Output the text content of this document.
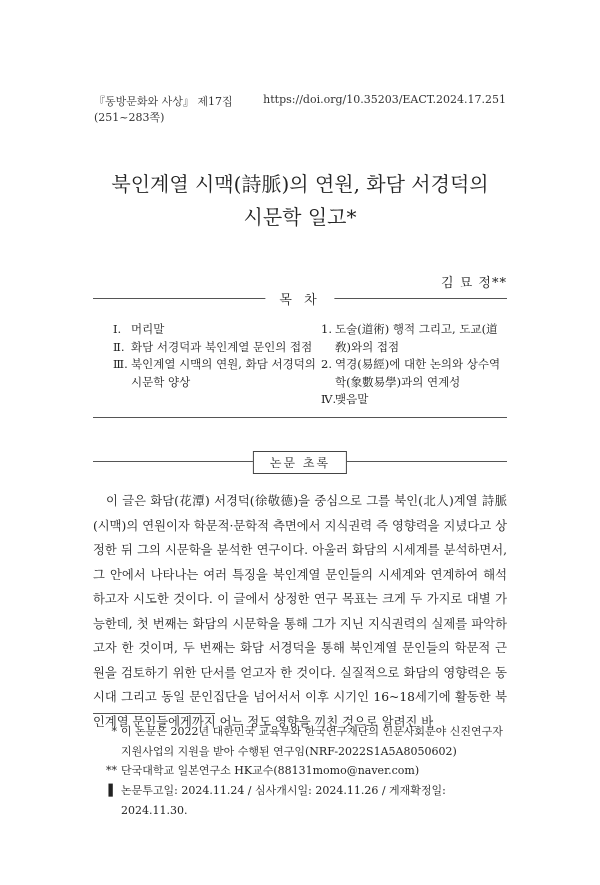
『동방문화와 사상』 제17집(251~283쪽)
https://doi.org/10.35203/EACT.2024.17.251
북인계열 시맥(詩脈)의 연원, 화담 서경덕의
시문학 일고*
김 묘 정**
목 차
Ⅰ. 머리말
Ⅱ. 화담 서경덕과 북인계열 문인의 접점
Ⅲ. 북인계열 시맥의 연원, 화담 서경덕의 시문학 양상
1. 도술(道術) 행적 그리고, 도교(道敎)와의 접점
2. 역경(易經)에 대한 논의와 상수역학(象數易學)과의 연계성
Ⅳ.
맺음말
논문 초록
이 글은 화담(花潭) 서경덕(徐敬德)을 중심으로 그를 북인(北人)계열 詩脈(시맥)의 연원이자 학문적·문학적 측면에서 지식권력 즉 영향력을 지녔다고 상정한 뒤 그의 시문학을 분석한 연구이다. 아울러 화담의 시세계를 분석하면서, 그 안에서 나타나는 여러 특징을 북인계열 문인들의 시세계와 연계하여 해석하고자 시도한 것이다. 이 글에서 상정한 연구 목표는 크게 두 가지로 대별 가능한데, 첫 번째는 화담의 시문학을 통해 그가 지닌 지식권력의 실제를 파악하고자 한 것이며, 두 번째는 화담 서경덕을 통해 북인계열 문인들의 학문적 근원을 검토하기 위한 단서를 얻고자 한 것이다. 실질적으로 화담의 영향력은 동시대 그리고 동일 문인집단을 넘어서서 이후 시기인 16~18세기에 활동한 북인계열 문인들에게까지 어느 정도 영향을 끼친 것으로 알려진 바
* 이 논문은 2022년 대한민국 교육부와 한국연구재단의 인문사회분야 신진연구자지원사업의 지원을 받아 수행된 연구임(NRF-2022S1A5A8050602)
** 단국대학교 일본연구소 HK교수(88131momo@naver.com)
▌ 논문투고일: 2024.11.24 / 심사개시일: 2024.11.26 / 게재확정일: 2024.11.30.
